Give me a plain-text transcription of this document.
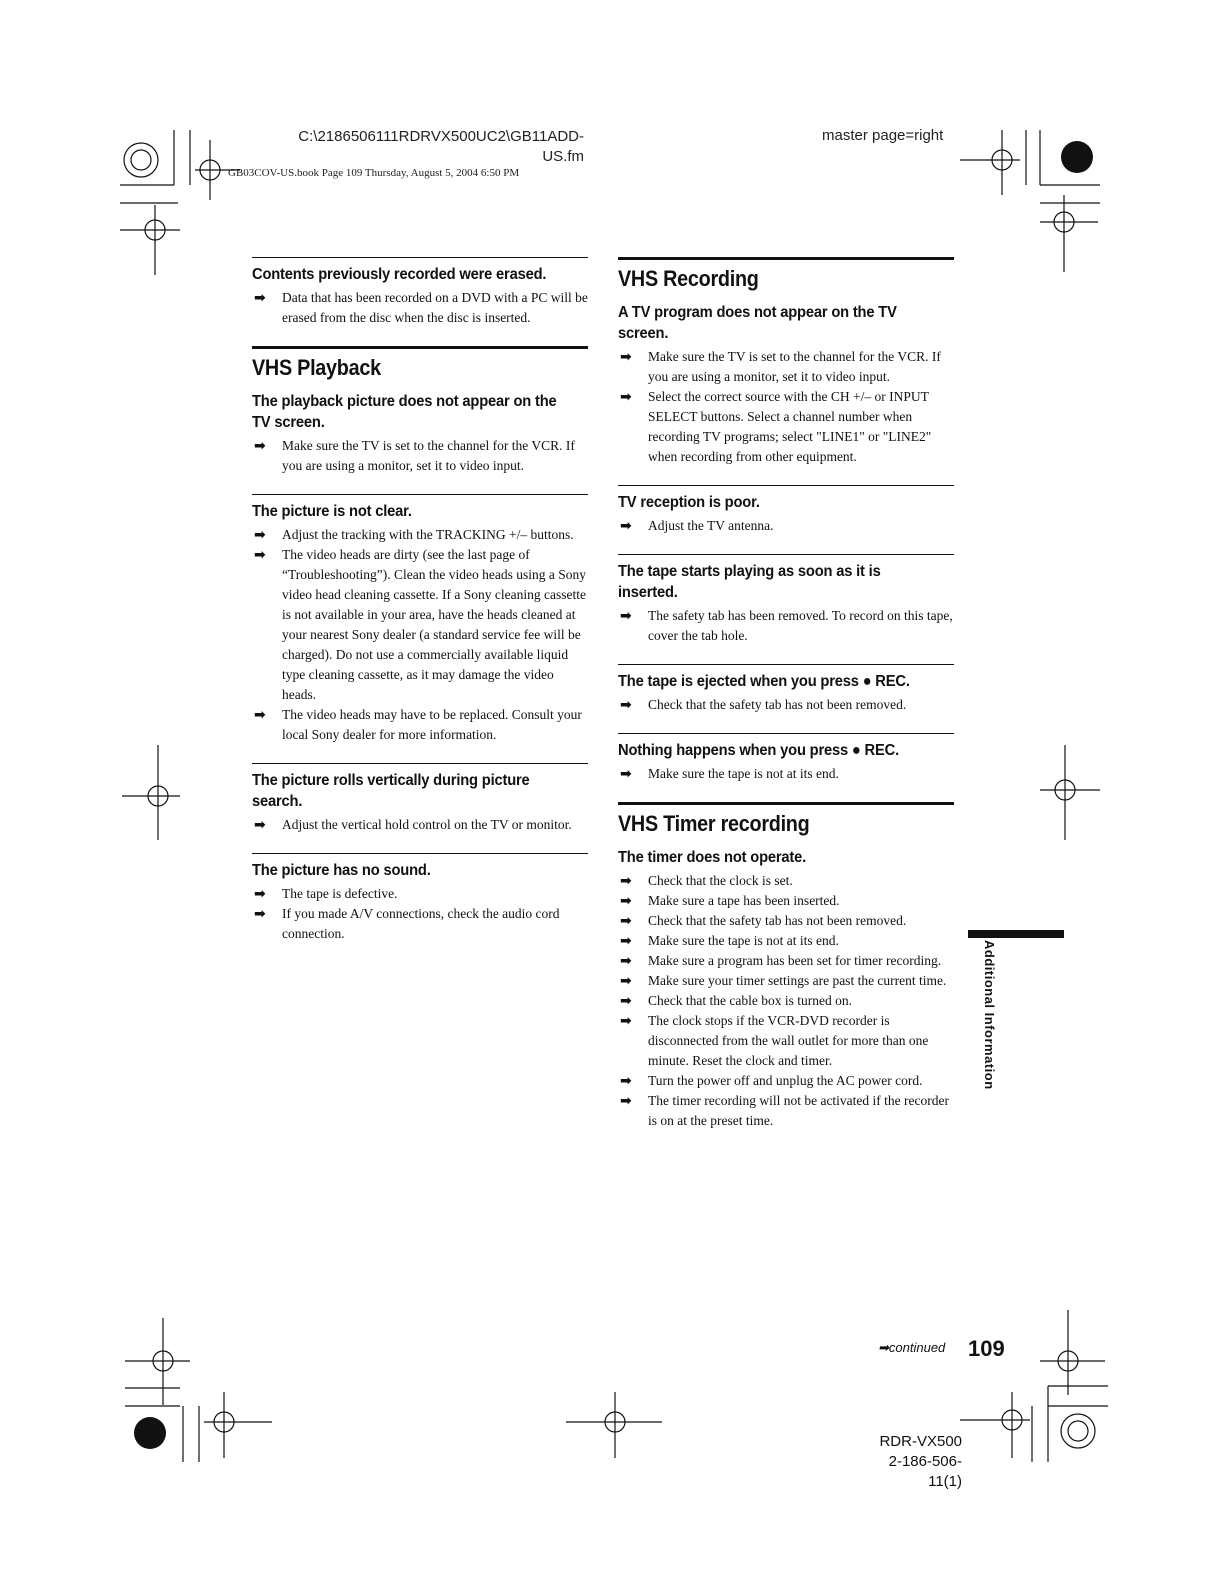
C:\2186506111RDRVX500UC2\GB11ADD-
US.fm
master page=right
GB03COV-US.book Page 109 Thursday, August 5, 2004 6:50 PM
Contents previously recorded were erased.
➡ Data that has been recorded on a DVD with a PC will be erased from the disc when the disc is inserted.
VHS Playback
The playback picture does not appear on the TV screen.
➡ Make sure the TV is set to the channel for the VCR. If you are using a monitor, set it to video input.
The picture is not clear.
➡ Adjust the tracking with the TRACKING +/– buttons.
➡ The video heads are dirty (see the last page of “Troubleshooting”). Clean the video heads using a Sony video head cleaning cassette. If a Sony cleaning cassette is not available in your area, have the heads cleaned at your nearest Sony dealer (a standard service fee will be charged). Do not use a commercially available liquid type cleaning cassette, as it may damage the video heads.
➡ The video heads may have to be replaced. Consult your local Sony dealer for more information.
The picture rolls vertically during picture search.
➡ Adjust the vertical hold control on the TV or monitor.
The picture has no sound.
➡ The tape is defective.
➡ If you made A/V connections, check the audio cord connection.
VHS Recording
A TV program does not appear on the TV screen.
➡ Make sure the TV is set to the channel for the VCR. If you are using a monitor, set it to video input.
➡ Select the correct source with the CH +/– or INPUT SELECT buttons. Select a channel number when recording TV programs; select "LINE1" or "LINE2" when recording from other equipment.
TV reception is poor.
➡ Adjust the TV antenna.
The tape starts playing as soon as it is inserted.
➡ The safety tab has been removed. To record on this tape, cover the tab hole.
The tape is ejected when you press ● REC.
➡ Check that the safety tab has not been removed.
Nothing happens when you press ● REC.
➡ Make sure the tape is not at its end.
VHS Timer recording
The timer does not operate.
➡ Check that the clock is set.
➡ Make sure a tape has been inserted.
➡ Check that the safety tab has not been removed.
➡ Make sure the tape is not at its end.
➡ Make sure a program has been set for timer recording.
➡ Make sure your timer settings are past the current time.
➡ Check that the cable box is turned on.
➡ The clock stops if the VCR-DVD recorder is disconnected from the wall outlet for more than one minute. Reset the clock and timer.
➡ Turn the power off and unplug the AC power cord.
➡ The timer recording will not be activated if the recorder is on at the preset time.
Additional Information
➡continued 109
RDR-VX500
2-186-506-11(1)
